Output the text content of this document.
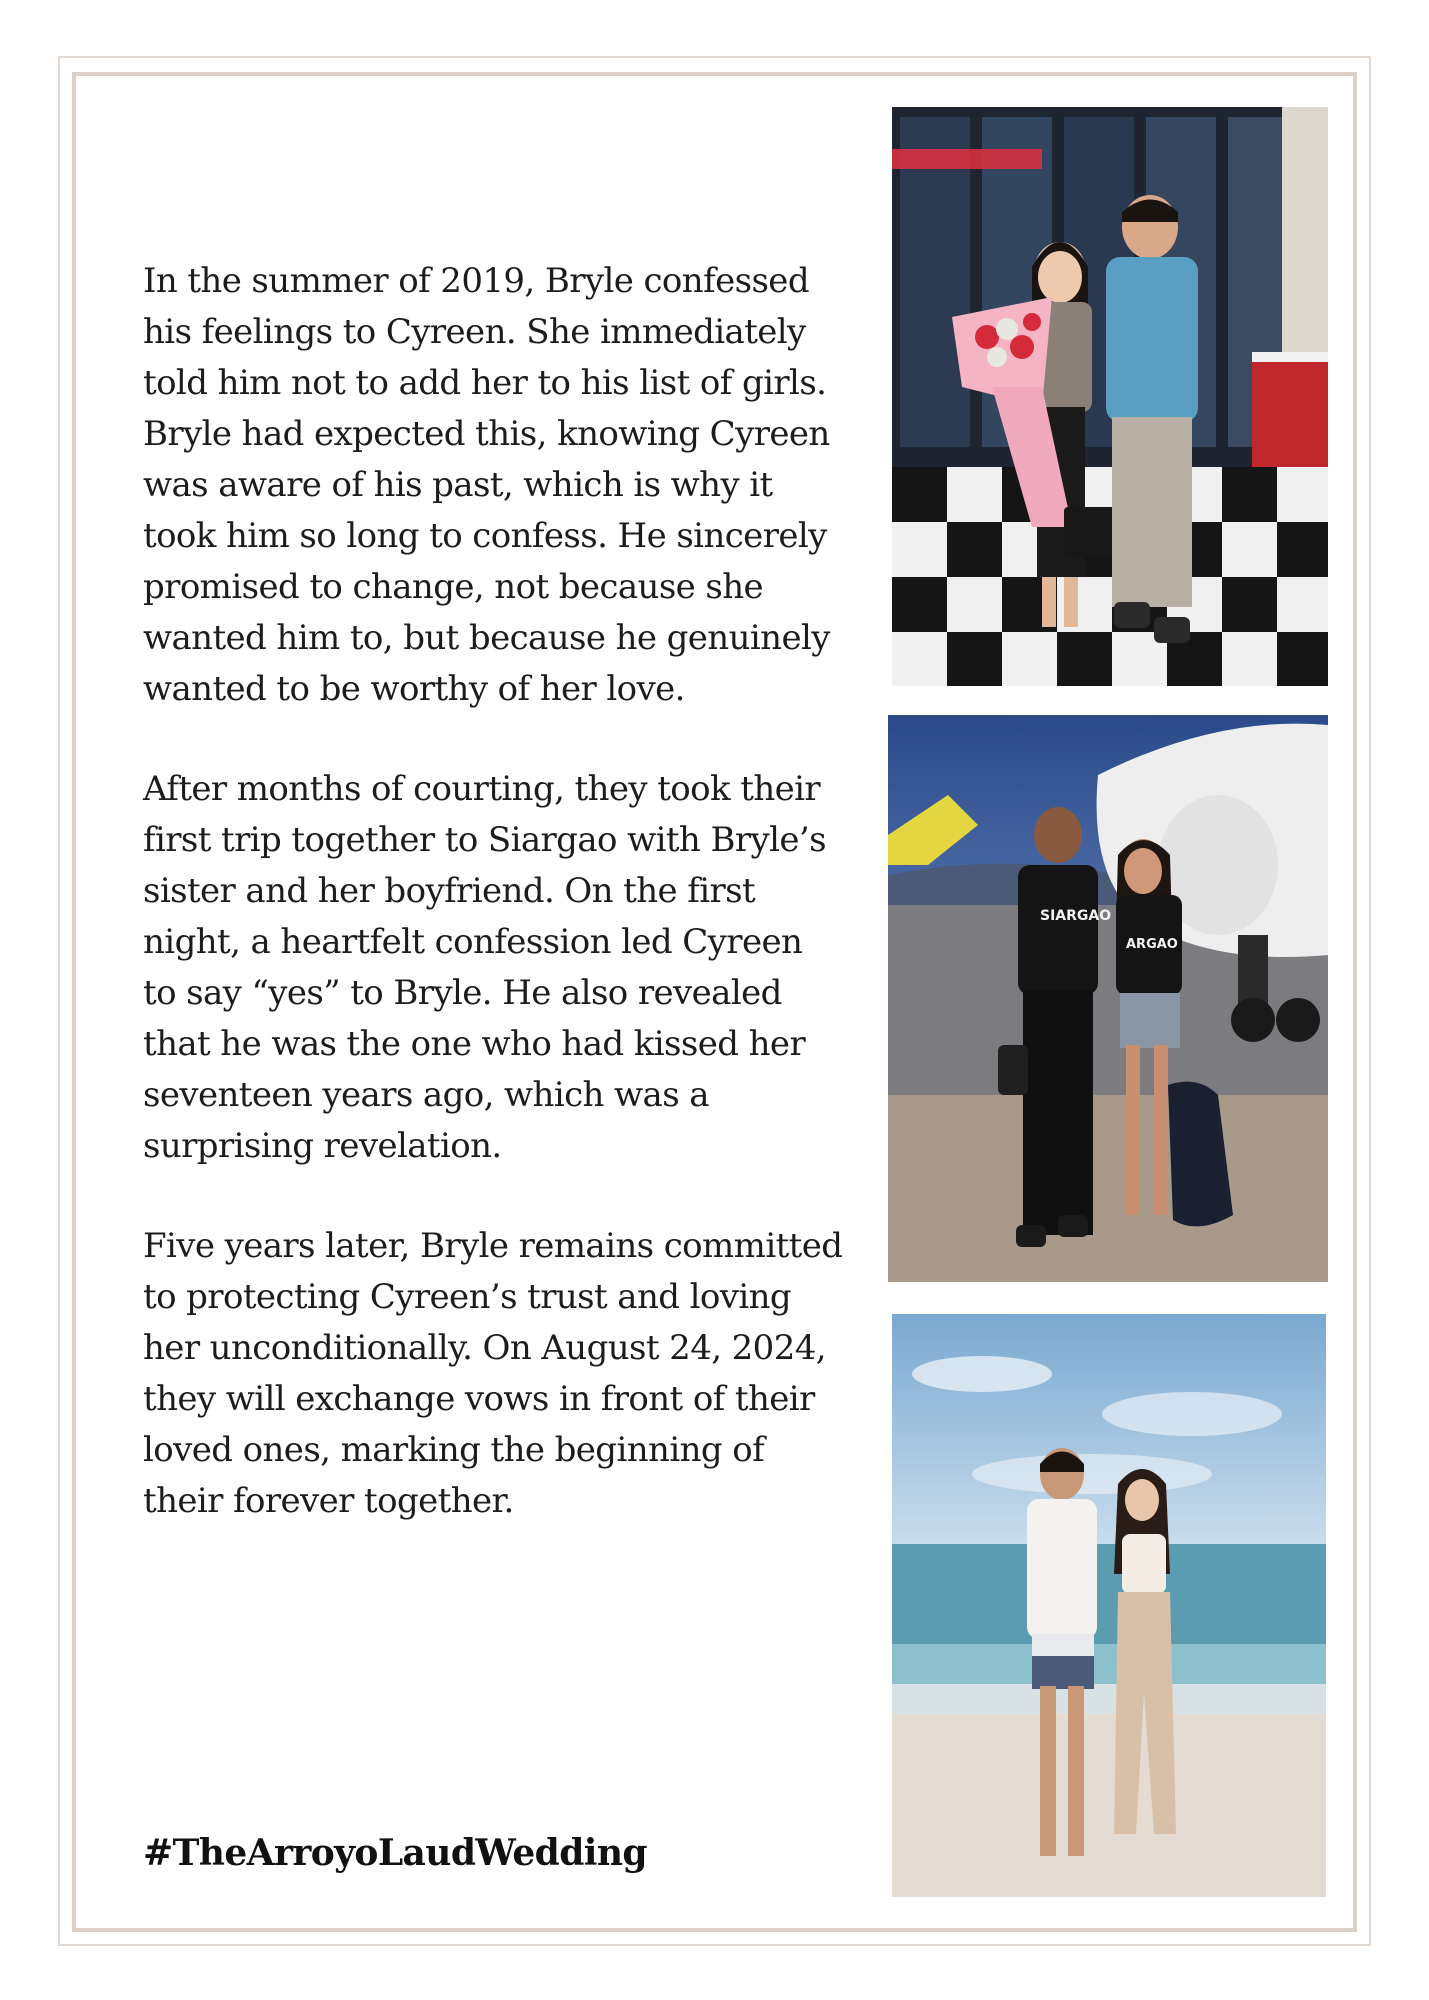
In the summer of 2019, Bryle confessed his feelings to Cyreen. She immediately told him not to add her to his list of girls. Bryle had expected this, knowing Cyreen was aware of his past, which is why it took him so long to confess. He sincerely promised to change, not because she wanted him to, but because he genuinely wanted to be worthy of her love.

After months of courting, they took their first trip together to Siargao with Bryle’s sister and her boyfriend. On the first night, a heartfelt confession led Cyreen to say “yes” to Bryle. He also revealed that he was the one who had kissed her seventeen years ago, which was a surprising revelation.

Five years later, Bryle remains committed to protecting Cyreen’s trust and loving her unconditionally. On August 24, 2024, they will exchange vows in front of their loved ones, marking the beginning of their forever together.

#TheArroyoLaudWedding
SIARGAO
ARGAO
